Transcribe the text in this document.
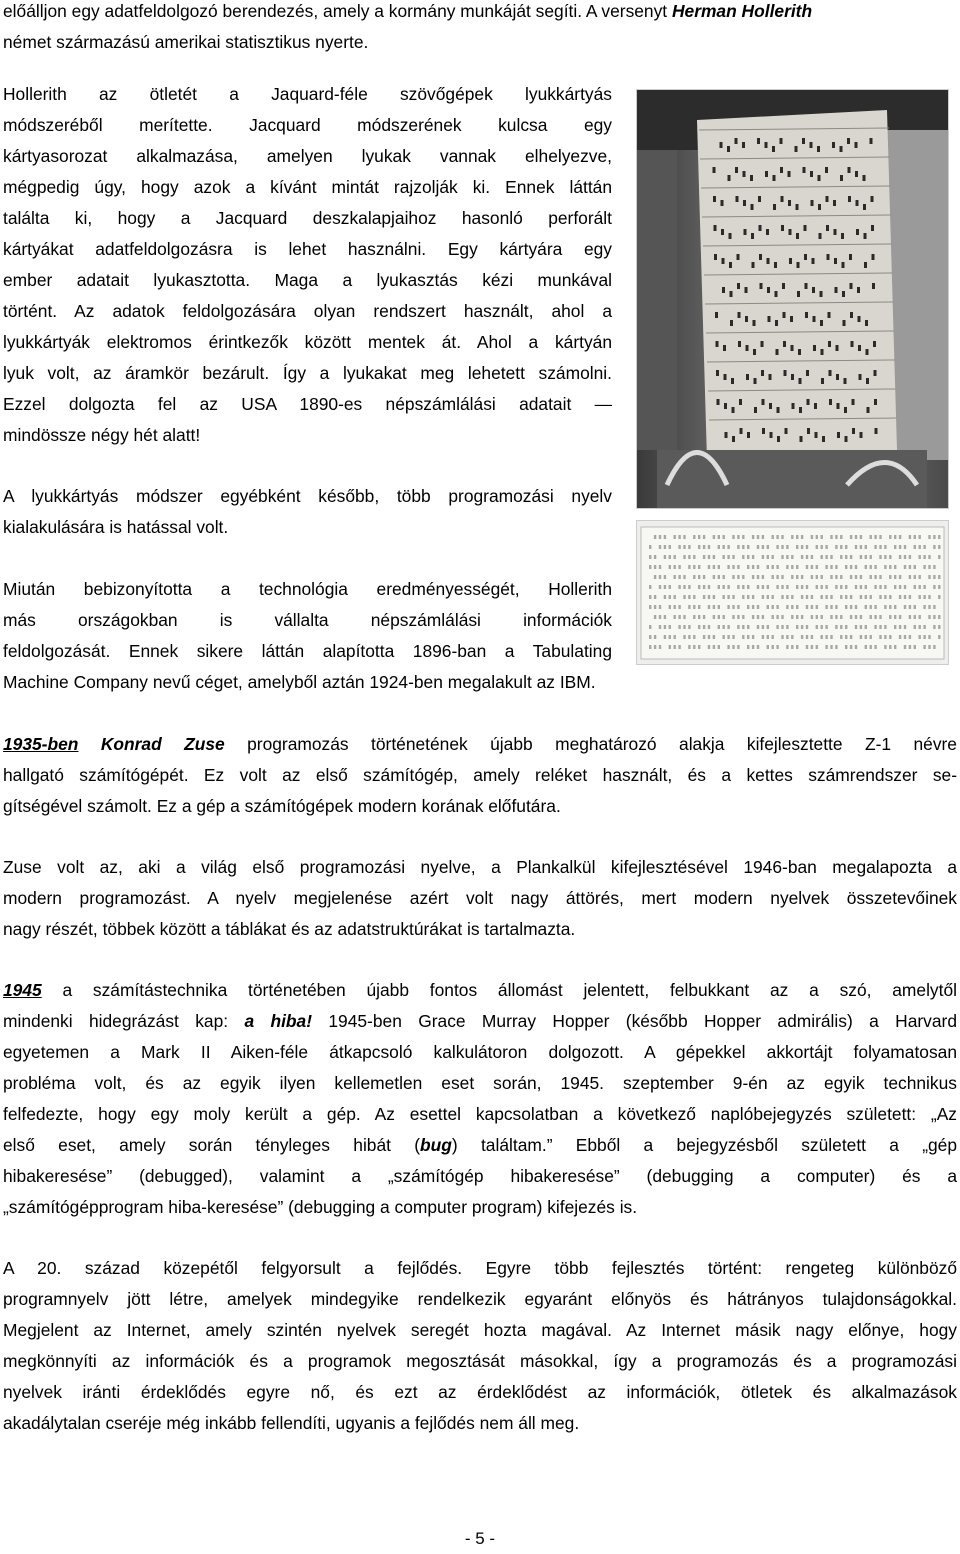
előálljon egy adatfeldolgozó berendezés, amely a kormány munkáját segíti. A versenyt Herman Hollerith
német származású amerikai statisztikus nyerte.
Hollerith az ötletét a Jaquard-féle szövőgépek lyukkártyás
módszeréből merítette. Jacquard módszerének kulcsa egy
kártyasorozat alkalmazása, amelyen lyukak vannak elhelyezve,
mégpedig úgy, hogy azok a kívánt mintát rajzolják ki. Ennek láttán
találta ki, hogy a Jacquard deszkalapjaihoz hasonló perforált
kártyákat adatfeldolgozásra is lehet használni. Egy kártyára egy
ember adatait lyukasztotta. Maga a lyukasztás kézi munkával
történt. Az adatok feldolgozására olyan rendszert használt, ahol a
lyukkártyák elektromos érintkezők között mentek át. Ahol a kártyán
lyuk volt, az áramkör bezárult. Így a lyukakat meg lehetett számolni.
Ezzel dolgozta fel az USA 1890-es népszámlálási adatait —
mindössze négy hét alatt!
A lyukkártyás módszer egyébként később, több programozási nyelv
kialakulására is hatással volt.
Miután bebizonyította a technológia eredményességét, Hollerith
más országokban is vállalta népszámlálási információk
feldolgozását. Ennek sikere láttán alapította 1896-ban a Tabulating
Machine Company nevű céget, amelyből aztán 1924-ben megalakult az IBM.
1935-ben Konrad Zuse programozás történetének újabb meghatározó alakja kifejlesztette Z-1 névre
hallgató számítógépét. Ez volt az első számítógép, amely reléket használt, és a kettes számrendszer se-
gítségével számolt. Ez a gép a számítógépek modern korának előfutára.
Zuse volt az, aki a világ első programozási nyelve, a Plankalkül kifejlesztésével 1946-ban megalapozta a
modern programozást. A nyelv megjelenése azért volt nagy áttörés, mert modern nyelvek összetevőinek
nagy részét, többek között a táblákat és az adatstruktúrákat is tartalmazta.
1945 a számítástechnika történetében újabb fontos állomást jelentett, felbukkant az a szó, amelytől
mindenki hidegrázást kap: a hiba! 1945-ben Grace Murray Hopper (később Hopper admirális) a Harvard
egyetemen a Mark II Aiken-féle átkapcsoló kalkulátoron dolgozott. A gépekkel akkortájt folyamatosan
probléma volt, és az egyik ilyen kellemetlen eset során, 1945. szeptember 9-én az egyik technikus
felfedezte, hogy egy moly került a gép. Az esettel kapcsolatban a következő naplóbejegyzés született: „Az
első eset, amely során tényleges hibát (bug) találtam.” Ebből a bejegyzésből született a „gép
hibakeresése” (debugged), valamint a „számítógép hibakeresése” (debugging a computer) és a
„számítógépprogram hiba-keresése” (debugging a computer program) kifejezés is.
A 20. század közepétől felgyorsult a fejlődés. Egyre több fejlesztés történt: rengeteg különböző
programnyelv jött létre, amelyek mindegyike rendelkezik egyaránt előnyös és hátrányos tulajdonságokkal.
Megjelent az Internet, amely szintén nyelvek seregét hozta magával. Az Internet másik nagy előnye, hogy
megkönnyíti az információk és a programok megosztását másokkal, így a programozás és a programozási
nyelvek iránti érdeklődés egyre nő, és ezt az érdeklődést az információk, ötletek és alkalmazások
akadálytalan cseréje még inkább fellendíti, ugyanis a fejlődés nem áll meg.
- 5 -
